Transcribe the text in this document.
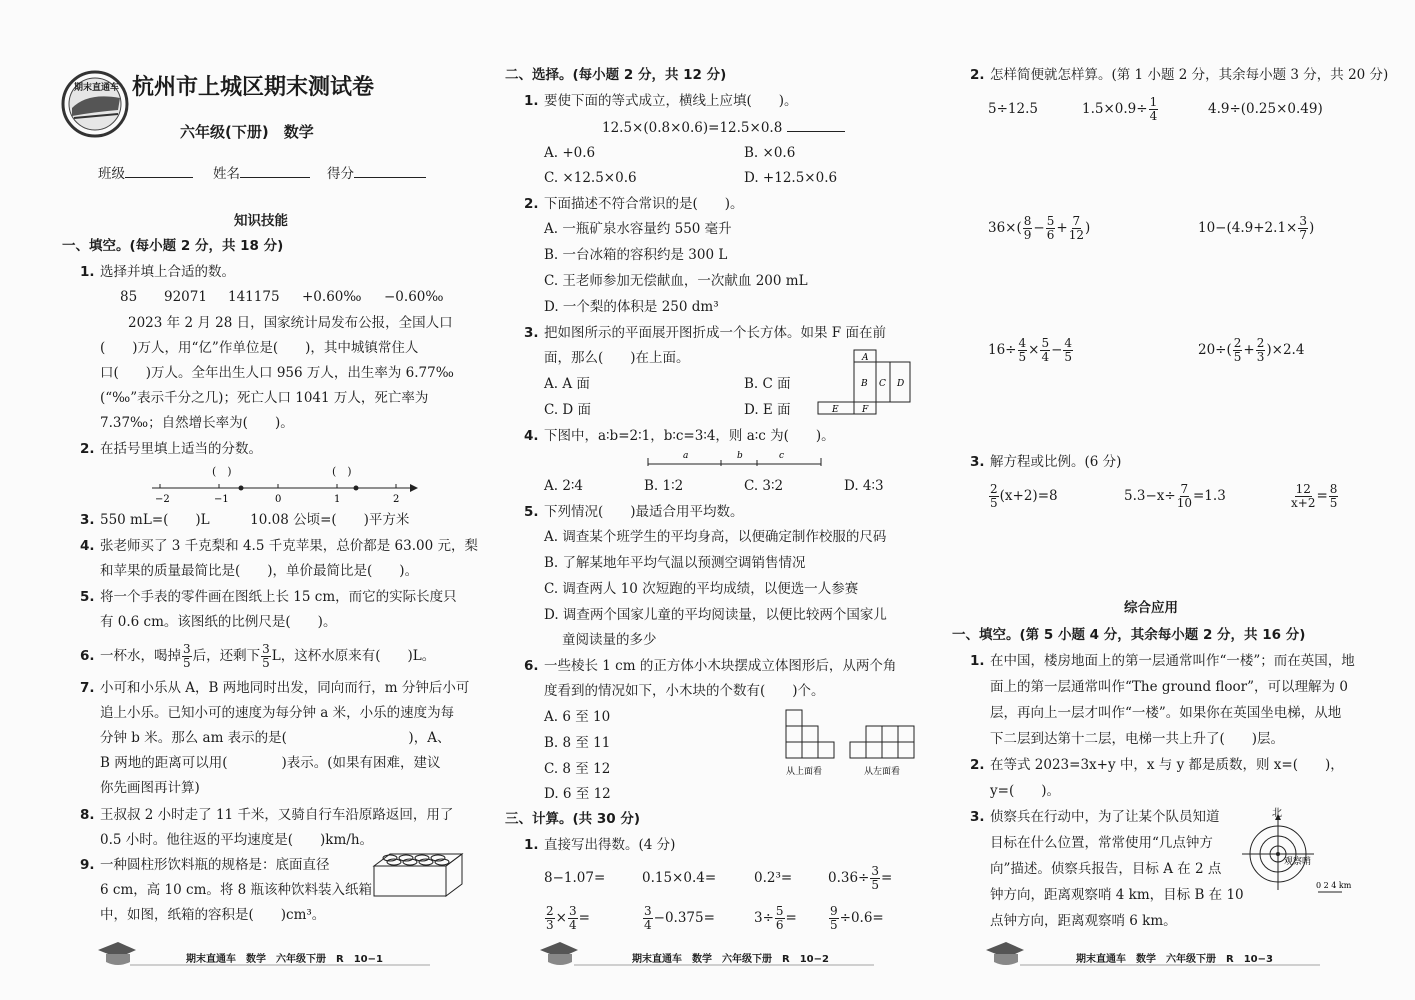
期末直通车 杭州市上城区期末测试卷
六年级(下册)　数学
班级	姓名	得分
知识技能
一、填空。(每小题 2 分，共 18 分)
1. 选择并填上合适的数。
85 92071 141175 +0.60‰ −0.60‰
2023 年 2 月 28 日，国家统计局发布公报，全国人口
(　　)万人，用“亿”作单位是(　　)，其中城镇常住人
口(　　)万人。全年出生人口 956 万人，出生率为 6.77‰
(“‰”表示千分之几)；死亡人口 1041 万人，死亡率为
7.37‰；自然增长率为(　　)。
2. 在括号里填上适当的分数。
(　)	(　)
−2	−1	0	1	2
3. 550 mL=(　　)L　　　10.08 公顷=(　　)平方米
4. 张老师买了 3 千克梨和 4.5 千克苹果，总价都是 63.00 元，梨
和苹果的质量最简比是(　　)，单价最简比是(　　)。
5. 将一个手表的零件画在图纸上长 15 cm，而它的实际长度只
有 0.6 cm。该图纸的比例尺是(　　)。
6. 一杯水，喝掉 $\frac{3}{5}$ 后，还剩下 $\frac{3}{5}$ L，这杯水原来有(　　)L。
7. 小可和小乐从 A，B 两地同时出发，同向而行，m 分钟后小可
追上小乐。已知小可的速度为每分钟 a 米，小乐的速度为每
分钟 b 米。那么 am 表示的是(　　　　　　　　　)，A、
B 两地的距离可以用(　　　　)表示。(如果有困难，建议
你先画图再计算)
8. 王叔叔 2 小时走了 11 千米，又骑自行车沿原路返回，用了
0.5 小时。他往返的平均速度是(　　)km/h。
9. 一种圆柱形饮料瓶的规格是：底面直径
6 cm，高 10 cm。将 8 瓶该种饮料装入纸箱
中，如图，纸箱的容积是(　　)cm³。
期末直通车　数学　六年级下册　R　10−1
二、选择。(每小题 2 分，共 12 分)
1. 要使下面的等式成立，横线上应填(　　)。
12.5×(0.8×0.6)=12.5×0.8
A. +0.6	B. ×0.6
C. ×12.5×0.6	D. +12.5×0.6
2. 下面描述不符合常识的是(　　)。
A. 一瓶矿泉水容量约 550 毫升
B. 一台冰箱的容积约是 300 L
C. 王老师参加无偿献血，一次献血 200 mL
D. 一个梨的体积是 250 dm³
3. 把如图所示的平面展开图折成一个长方体。如果 F 面在前
面，那么(　　)在上面。
A. A 面	B. C 面
C. D 面	D. E 面
A
B C D
E	F
4. 下图中，a∶b=2∶1，b∶c=3∶4，则 a∶c 为(　　)。
a	b	c
A. 2∶4	B. 1∶2	C. 3∶2	D. 4∶3
5. 下列情况(　　)最适合用平均数。
A. 调查某个班学生的平均身高，以便确定制作校服的尺码
B. 了解某地年平均气温以预测空调销售情况
C. 调查两人 10 次短跑的平均成绩，以便选一人参赛
D. 调查两个国家儿童的平均阅读量，以便比较两个国家儿
童阅读量的多少
6. 一些棱长 1 cm 的正方体小木块摆成立体图形后，从两个角
度看到的情况如下，小木块的个数有(　　)个。
A. 6 至 10
B. 8 至 11
C. 8 至 12
D. 6 至 12
从上面看	从左面看
三、计算。(共 30 分)
1. 直接写出得数。(4 分)
8−1.07=	0.15×0.4=	0.2³=	$0.36\div \frac{3}{5}$ =
$\frac{2}{3} \times \frac{3}{4}$ =	$\frac{3}{4} -0.375=$	$3\div \frac{5}{6}$ =	$\frac{9}{5} \div 0.6=$
期末直通车　数学　六年级下册　R　10−2
2. 怎样简便就怎样算。(第 1 小题 2 分，其余每小题 3 分，共 20 分)
5÷12.5	$1.5\times 0.9\div \frac{1}{4}$	4.9÷(0.25×0.49)
$36\times( \frac{8}{9} - \frac{5}{6} + \frac{7}{12}$ )	$10-(4.9+2.1\times \frac{3}{7}$ )
$16\div \frac{4}{5} \times \frac{5}{4} - \frac{4}{5}$	$20\div( \frac{2}{5} + \frac{2}{3} )\times 2.4$
3. 解方程或比例。(6 分)
$\frac{2}{5} (x+2)=8$	$5.3-x\div \frac{7}{10} =1.3$	$\frac{12}{x+2} = \frac{8}{5}$
综合应用
一、填空。(第 5 小题 4 分，其余每小题 2 分，共 16 分)
1. 在中国，楼房地面上的第一层通常叫作“一楼”；而在英国，地
面上的第一层通常叫作“The ground floor”，可以理解为 0
层，再向上一层才叫作“一楼”。如果你在英国坐电梯，从地
下二层到达第十二层，电梯一共上升了(　　)层。
2. 在等式 2023=3x+y 中，x 与 y 都是质数，则 x=(　　)，
y=(　　)。
3. 侦察兵在行动中，为了让某个队员知道
目标在什么位置，常常使用“几点钟方
向”描述。侦察兵报告，目标 A 在 2 点
钟方向，距离观察哨 4 km，目标 B 在 10
点钟方向，距离观察哨 6 km。
北
观察哨
0 2 4 km
期末直通车　数学　六年级下册　R　10−3
